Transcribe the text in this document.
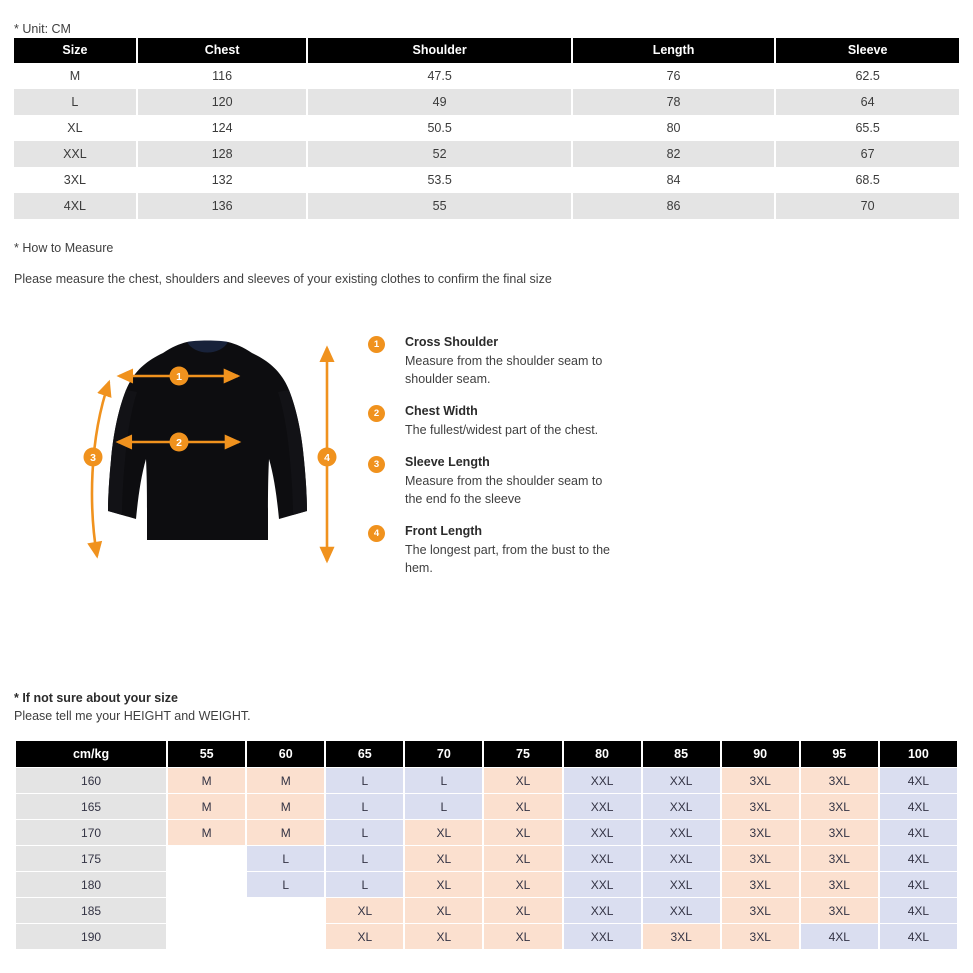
* Unit: CM
Size	Chest	Shoulder	Length	Sleeve
M	116	47.5	76	62.5
L	120	49	78	64
XL	124	50.5	80	65.5
XXL	128	52	82	67
3XL	132	53.5	84	68.5
4XL	136	55	86	70
* How to Measure
Please measure the chest, shoulders and sleeves of your existing clothes to confirm the final size
1
2
3	4
1	Cross Shoulder
Measure from the shoulder seam to shoulder seam.
2	Chest Width
The fullest/widest part of the chest.
3	Sleeve Length
Measure from the shoulder seam to the end fo the sleeve
4	Front Length
The longest part, from the bust to the hem.
* If not sure about your size
Please tell me your HEIGHT and WEIGHT.
cm/kg	55	60	65	70	75	80	85	90	95	100
160	M	M	L	L	XL	XXL	XXL	3XL	3XL	4XL
165	M	M	L	L	XL	XXL	XXL	3XL	3XL	4XL
170	M	M	L	XL	XL	XXL	XXL	3XL	3XL	4XL
175		L	L	XL	XL	XXL	XXL	3XL	3XL	4XL
180		L	L	XL	XL	XXL	XXL	3XL	3XL	4XL
185			XL	XL	XL	XXL	XXL	3XL	3XL	4XL
190			XL	XL	XL	XXL	3XL	3XL	4XL	4XL
